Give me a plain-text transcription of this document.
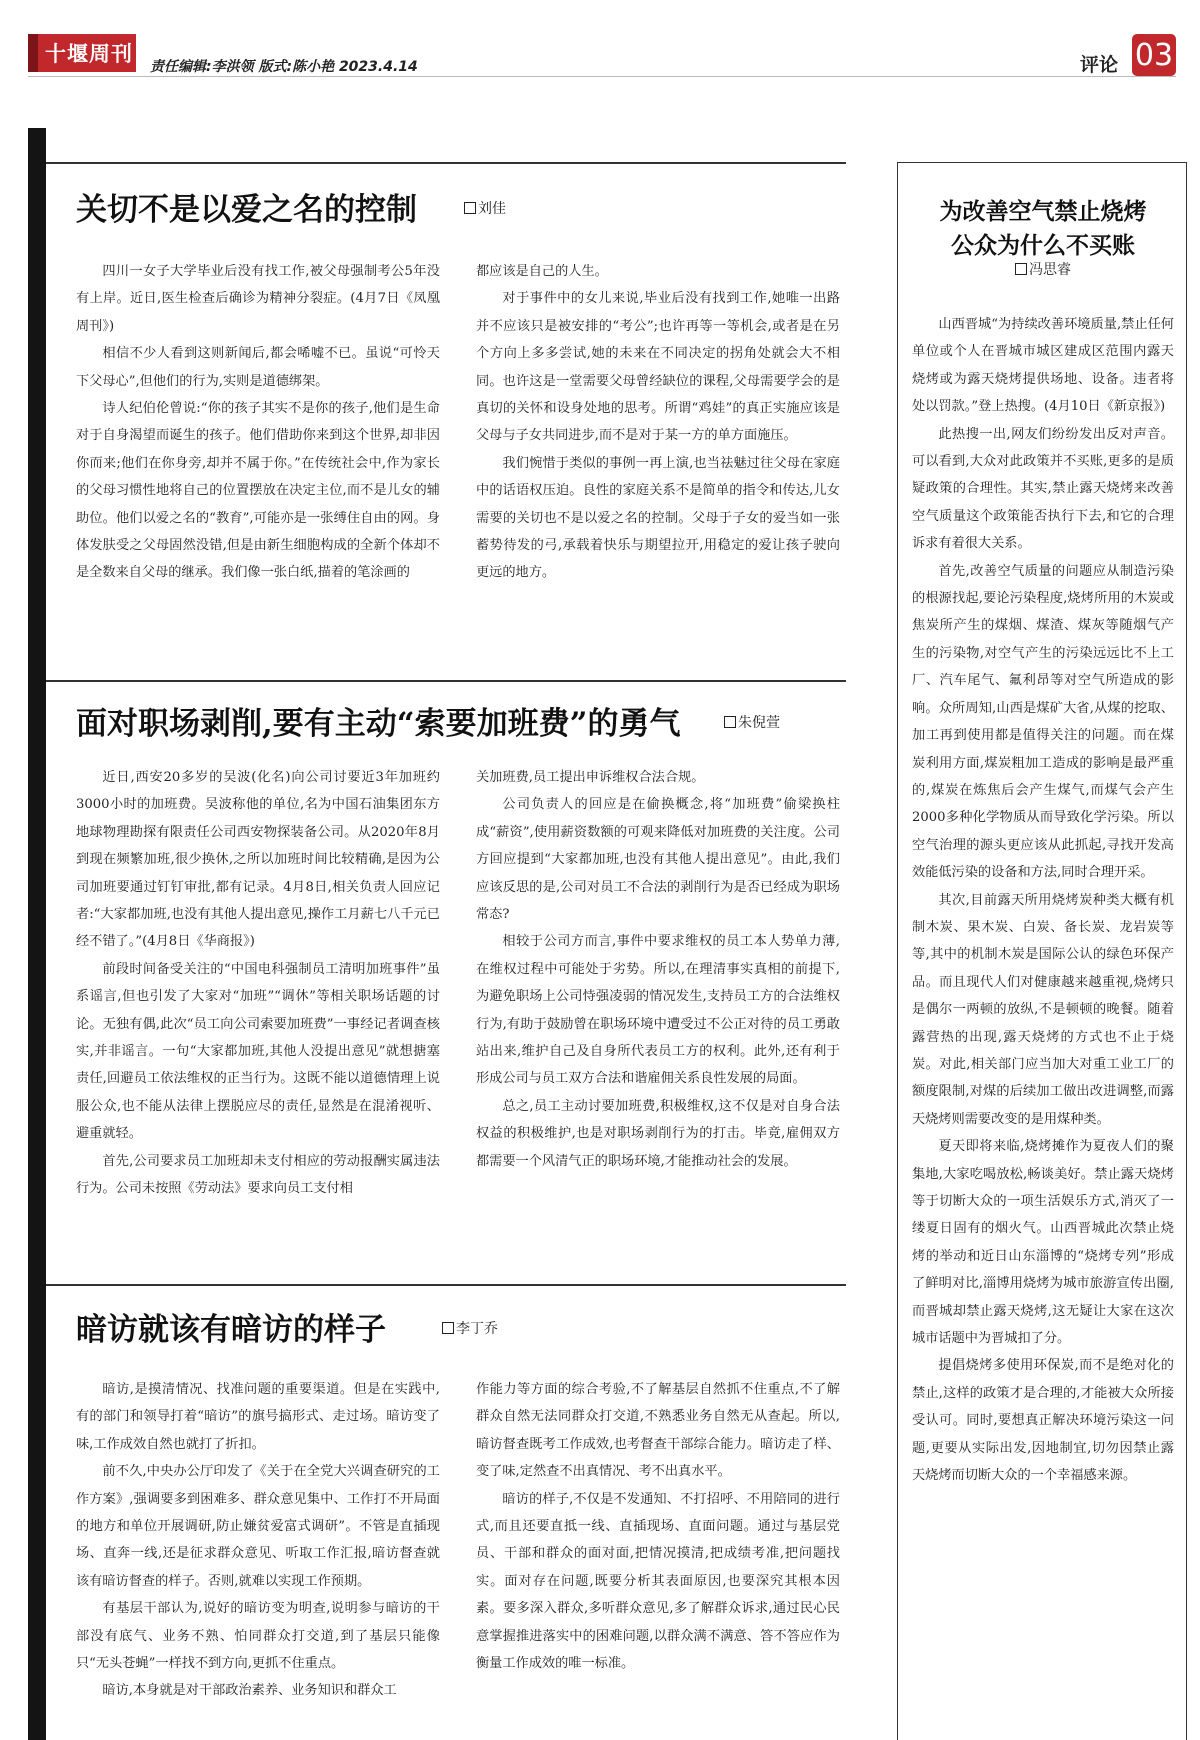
十堰周刊
责任编辑:李洪领 版式:陈小艳 2023.4.14	评论 03
关切不是以爱之名的控制	刘佳

四川一女子大学毕业后没有找工作,被父母强制考公5年没有上岸。近日,医生检查后确诊为精神分裂症。(4月7日《凤凰周刊》)

相信不少人看到这则新闻后,都会唏嘘不已。虽说“可怜天下父母心”,但他们的行为,实则是道德绑架。

诗人纪伯伦曾说:“你的孩子其实不是你的孩子,他们是生命对于自身渴望而诞生的孩子。他们借助你来到这个世界,却非因你而来;他们在你身旁,却并不属于你。”在传统社会中,作为家长的父母习惯性地将自己的位置摆放在决定主位,而不是儿女的辅助位。他们以爱之名的“教育”,可能亦是一张缚住自由的网。身体发肤受之父母固然没错,但是由新生细胞构成的全新个体却不是全数来自父母的继承。我们像一张白纸,描着的笔涂画的

都应该是自己的人生。

对于事件中的女儿来说,毕业后没有找到工作,她唯一出路并不应该只是被安排的“考公”;也许再等一等机会,或者是在另个方向上多多尝试,她的未来在不同决定的拐角处就会大不相同。也许这是一堂需要父母曾经缺位的课程,父母需要学会的是真切的关怀和设身处地的思考。所谓“鸡娃”的真正实施应该是父母与子女共同进步,而不是对于某一方的单方面施压。

我们惋惜于类似的事例一再上演,也当祛魅过往父母在家庭中的话语权压迫。良性的家庭关系不是简单的指令和传达,儿女需要的关切也不是以爱之名的控制。父母于子女的爱当如一张蓄势待发的弓,承载着快乐与期望拉开,用稳定的爱让孩子驶向更远的地方。

面对职场剥削,要有主动“索要加班费”的勇气	朱倪萱

近日,西安20多岁的吴波(化名)向公司讨要近3年加班约3000小时的加班费。吴波称他的单位,名为中国石油集团东方地球物理勘探有限责任公司西安物探装备公司。从2020年8月到现在频繁加班,很少换休,之所以加班时间比较精确,是因为公司加班要通过钉钉审批,都有记录。4月8日,相关负责人回应记者:“大家都加班,也没有其他人提出意见,操作工月薪七八千元已经不错了。”(4月8日《华商报》)

前段时间备受关注的“中国电科强制员工清明加班事件”虽系谣言,但也引发了大家对“加班”“调休”等相关职场话题的讨论。无独有偶,此次“员工向公司索要加班费”一事经记者调查核实,并非谣言。一句“大家都加班,其他人没提出意见”就想搪塞责任,回避员工依法维权的正当行为。这既不能以道德情理上说服公众,也不能从法律上摆脱应尽的责任,显然是在混淆视听、避重就轻。

首先,公司要求员工加班却未支付相应的劳动报酬实属违法行为。公司未按照《劳动法》要求向员工支付相

关加班费,员工提出申诉维权合法合规。

公司负责人的回应是在偷换概念,将“加班费”偷梁换柱成“薪资”,使用薪资数额的可观来降低对加班费的关注度。公司方回应提到“大家都加班,也没有其他人提出意见”。由此,我们应该反思的是,公司对员工不合法的剥削行为是否已经成为职场常态?

相较于公司方而言,事件中要求维权的员工本人势单力薄,在维权过程中可能处于劣势。所以,在理清事实真相的前提下,为避免职场上公司恃强凌弱的情况发生,支持员工方的合法维权行为,有助于鼓励曾在职场环境中遭受过不公正对待的员工勇敢站出来,维护自己及自身所代表员工方的权利。此外,还有利于形成公司与员工双方合法和谐雇佣关系良性发展的局面。

总之,员工主动讨要加班费,积极维权,这不仅是对自身合法权益的积极维护,也是对职场剥削行为的打击。毕竟,雇佣双方都需要一个风清气正的职场环境,才能推动社会的发展。

暗访就该有暗访的样子	李丁乔

暗访,是摸清情况、找准问题的重要渠道。但是在实践中,有的部门和领导打着“暗访”的旗号搞形式、走过场。暗访变了味,工作成效自然也就打了折扣。

前不久,中央办公厅印发了《关于在全党大兴调查研究的工作方案》,强调要多到困难多、群众意见集中、工作打不开局面的地方和单位开展调研,防止嫌贫爱富式调研”。不管是直插现场、直奔一线,还是征求群众意见、听取工作汇报,暗访督查就该有暗访督查的样子。否则,就难以实现工作预期。

有基层干部认为,说好的暗访变为明查,说明参与暗访的干部没有底气、业务不熟、怕同群众打交道,到了基层只能像只“无头苍蝇”一样找不到方向,更抓不住重点。

暗访,本身就是对干部政治素养、业务知识和群众工

作能力等方面的综合考验,不了解基层自然抓不住重点,不了解群众自然无法同群众打交道,不熟悉业务自然无从查起。所以,暗访督查既考工作成效,也考督查干部综合能力。暗访走了样、变了味,定然查不出真情况、考不出真水平。

暗访的样子,不仅是不发通知、不打招呼、不用陪同的进行式,而且还要直抵一线、直插现场、直面问题。通过与基层党员、干部和群众的面对面,把情况摸清,把成绩考准,把问题找实。面对存在问题,既要分析其表面原因,也要深究其根本因素。要多深入群众,多听群众意见,多了解群众诉求,通过民心民意掌握推进落实中的困难问题,以群众满不满意、答不答应作为衡量工作成效的唯一标准。

为改善空气禁止烧烤
公众为什么不买账
冯思睿

山西晋城“为持续改善环境质量,禁止任何单位或个人在晋城市城区建成区范围内露天烧烤或为露天烧烤提供场地、设备。违者将处以罚款。”登上热搜。(4月10日《新京报》)

此热搜一出,网友们纷纷发出反对声音。可以看到,大众对此政策并不买账,更多的是质疑政策的合理性。其实,禁止露天烧烤来改善空气质量这个政策能否执行下去,和它的合理诉求有着很大关系。

首先,改善空气质量的问题应从制造污染的根源找起,要论污染程度,烧烤所用的木炭或焦炭所产生的煤烟、煤渣、煤灰等随烟气产生的污染物,对空气产生的污染远远比不上工厂、汽车尾气、氟利昂等对空气所造成的影响。众所周知,山西是煤矿大省,从煤的挖取、加工再到使用都是值得关注的问题。而在煤炭利用方面,煤炭粗加工造成的影响是最严重的,煤炭在炼焦后会产生煤气,而煤气会产生2000多种化学物质从而导致化学污染。所以空气治理的源头更应该从此抓起,寻找开发高效能低污染的设备和方法,同时合理开采。

其次,目前露天所用烧烤炭种类大概有机制木炭、果木炭、白炭、备长炭、龙岩炭等等,其中的机制木炭是国际公认的绿色环保产品。而且现代人们对健康越来越重视,烧烤只是偶尔一两顿的放纵,不是顿顿的晚餐。随着露营热的出现,露天烧烤的方式也不止于烧炭。对此,相关部门应当加大对重工业工厂的额度限制,对煤的后续加工做出改进调整,而露天烧烤则需要改变的是用煤种类。

夏天即将来临,烧烤摊作为夏夜人们的聚集地,大家吃喝放松,畅谈美好。禁止露天烧烤等于切断大众的一项生活娱乐方式,消灭了一缕夏日固有的烟火气。山西晋城此次禁止烧烤的举动和近日山东淄博的“烧烤专列”形成了鲜明对比,淄博用烧烤为城市旅游宣传出圈,而晋城却禁止露天烧烤,这无疑让大家在这次城市话题中为晋城扣了分。

提倡烧烤多使用环保炭,而不是绝对化的禁止,这样的政策才是合理的,才能被大众所接受认可。同时,要想真正解决环境污染这一问题,更要从实际出发,因地制宜,切勿因禁止露天烧烤而切断大众的一个幸福感来源。
